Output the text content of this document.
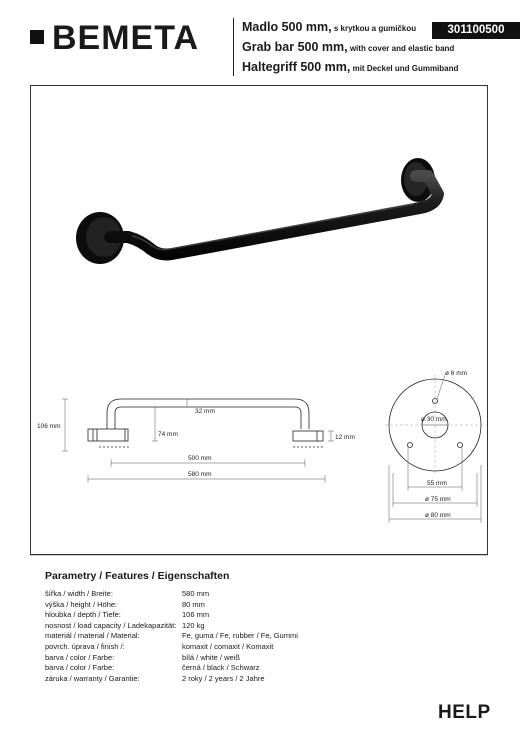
BEMETA	Madlo 500 mm, s krytkou a gumičkou
Grab bar 500 mm, with cover and elastic band
Haltegriff 500 mm, mit Deckel und Gummiband
301100500
106 mm
74 mm
32 mm
12 mm
500 mm
580 mm
ø 6 mm
ø 30 mm
55 mm
ø 75 mm
ø 80 mm
Parametry / Features / Eigenschaften
šířka / width / Breite:	580 mm
výška / height / Höhe:	80 mm
hloubka / depth / Tiefe:	106 mm
nosnost / load capacity / Ladekapazität: 120 kg
materiál / material / Material:	Fe, guma / Fe, rubber / Fe, Gummi
povrch. úprava / finish /:	komaxit / comaxit / Komaxit
barva / color / Farbe:	bílá / white / weiß
barva / color / Farbe:	černá / black / Schwarz
záruka / warranty / Garantie:	2 roky / 2 years / 2 Jahre
HELP
